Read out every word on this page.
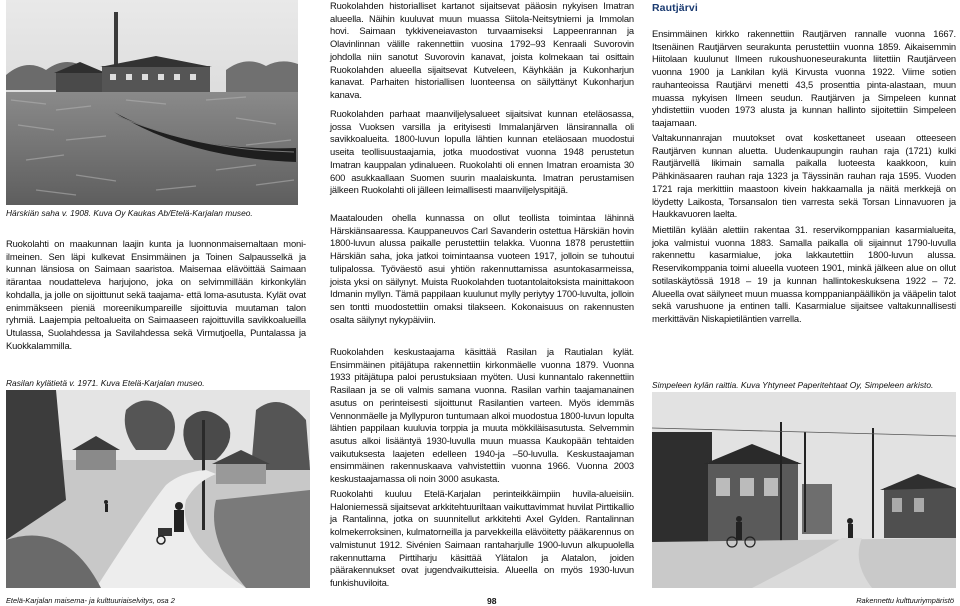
Härskiän saha v. 1908. Kuva Oy Kaukas Ab/Etelä-Karjalan museo.

Ruokolahti on maakunnan laajin kunta ja luonnonmaisemaltaan moni-ilmeinen. Sen läpi kulkevat Ensimmäinen ja Toinen Salpausselkä ja kunnan länsiosa on Saimaan saaristoa. Maisemaa elävöittää Saimaan itärantaa noudatteleva harjujono, joka on selvimmillään kirkonkylän kohdalla, ja jolle on sijoittunut sekä taajama- että loma-asutusta. Kylät ovat enimmäkseen pieniä moreenikumpareille sijoittuvia muutaman talon ryhmiä. Laajempia peltoalueita on Saimaaseen rajoittuvilla savikkoalueilla Utulassa, Suolahdessa ja Savilahdessa sekä Virmutjoella, Puntalassa ja Kuokkalammilla.

Rasilan kylätietä v. 1971. Kuva Etelä-Karjalan museo.

Ruokolahden historialliset kartanot sijaitsevat pääosin nykyisen Imatran alueella. Näihin kuuluvat muun muassa Siitola-Neitsytniemi ja Immolan hovi. Saimaan tykkiveneiavaston turvaamiseksi Lappeenrannan ja Olavinlinnan välille rakennettiin vuosina 1792–93 Kenraali Suvorovin johdolla niin sanotut Suvorovin kanavat, joista kolmekaan tai osittain Ruokolahden alueella sijaitsevat Kutveleen, Käyhkään ja Kukonharjun kanavat. Parhaiten historiallisen luonteensa on säilyttänyt Kukonharjun kanava.

Ruokolahden parhaat maanviljelysalueet sijaitsivat kunnan eteläosassa, jossa Vuoksen varsilla ja erityisesti Immalanjärven länsirannalla oli savikkoalueita. 1800-luvun lopulla lähtien kunnan eteläosaan muodostui useita teollisuustaajamia, jotka muodostivat vuonna 1948 perustetun Imatran kauppalan ydinalueen. Ruokolahti oli ennen Imatran eroamista 30 600 asukkaallaan Suomen suurin maalaiskunta. Imatran perustamisen jälkeen Ruokolahti oli jälleen leimallisesti maanviljelyspitäjä.

Maatalouden ohella kunnassa on ollut teollista toimintaa lähinnä Härskiänsaaressa. Kauppaneuvos Carl Savanderin ostettua Härskiän hovin 1800-luvun alussa paikalle perustettiin telakka. Vuonna 1878 perustettiin Härskiän saha, joka jatkoi toimintaansa vuoteen 1917, jolloin se tuhoutui tulipalossa. Työväestö asui yhtiön rakennuttamissa asuntokasarmeissa, joista yksi on säilynyt. Muista Ruokolahden tuotantolaitoksista mainittakoon Idmanin myllyn. Tämä pappilaan kuulunut mylly periytyy 1700-luvulta, jolloin sen tontti muodostettiin omaksi tilakseen. Kokonaisuus on rakennusten osalta säilynyt nykypäiviin.

Ruokolahden keskustaajama käsittää Rasilan ja Rautialan kylät. Ensimmäinen pitäjätupa rakennettiin kirkonmäelle vuonna 1879. Vuonna 1933 pitäjätupa paloi perustuksiaan myöten. Uusi kunnantalo rakennettiin Rasilaan ja se oli valmis samana vuonna. Rasilan varhin taajamanainen asutus on perinteisesti sijoittunut Rasilantien varteen. Myös idemmäs Vennonmäelle ja Myllypuron tuntumaan alkoi muodostua 1800-luvun lopulta lähtien pappilaan kuuluvia torppia ja muuta mökkiläisasutusta. Selvemmin asutus alkoi lisääntyä 1930-luvulla muun muassa Kaukopään tehtaiden vaikutuksesta laajeten edelleen 1940-ja –50-luvulla. Keskustaajaman ensimmäinen rakennuskaava vahvistettiin vuonna 1966. Vuonna 2003 keskustaajamassa oli noin 3000 asukasta.

Ruokolahti kuuluu Etelä-Karjalan perinteikkäimpiin huvila-alueisiin. Haloniemessä sijaitsevat arkkitehtuuriltaan vaikuttavimmat huvilat Pirttikallio ja Rantalinna, jotka on suunnitellut arkkitehti Axel Gylden. Rantalinnan kolmekerroksinen, kulmatorneilla ja parvekkeilla elävöitetty pääkarennus on valmistunut 1912. Sivénien Saimaan rantaharjulle 1900-luvun alkupuolella rakennuttama Pirttiharju käsittää Ylätalon ja Alatalon, joiden päärakennukset ovat jugendvaikutteisia. Alueella on myös 1930-luvun funkishuviloita.

Rautjärvi

Ensimmäinen kirkko rakennettiin Rautjärven rannalle vuonna 1667. Itsenäinen Rautjärven seurakunta perustettiin vuonna 1859. Aikaisemmin Hiitolaan kuulunut Ilmeen rukoushuoneseurakunta liitettiin Rautjärveen vuonna 1900 ja Lankilan kylä Kirvusta vuonna 1922. Viime sotien rauhanteoissa Rautjärvi menetti 43,5 prosenttia pinta-alastaan, muun muassa nykyisen Ilmeen seudun. Rautjärven ja Simpeleen kunnat yhdistettiin vuoden 1973 alusta ja kunnan hallinto sijoitettiin Simpeleen taajamaan.

Valtakunnanrajan muutokset ovat koskettaneet useaan otteeseen Rautjärven kunnan aluetta. Uudenkaupungin rauhan raja (1721) kulki Rautjärvellä likimain samalla paikalla luoteesta kaakkoon, kuin Pähkinäsaaren rauhan raja 1323 ja Täyssinän rauhan raja 1595. Vuoden 1721 raja merkittiin maastoon kivein hakkaamalla ja näitä merkkejä on löydetty Laikosta, Torsansalon tien varresta sekä Torsan Linnavuoren ja Haukkavuoren laelta.

Miettilän kylään alettiin rakentaa 31. reservikomppanian kasarmialueita, joka valmistui vuonna 1883. Samalla paikalla oli sijainnut 1790-luvulla rakennettu kasarmialue, joka lakkautettiin 1800-luvun alussa. Reservikomppania toimi alueella vuoteen 1901, minkä jälkeen alue on ollut sotilaskäytössä 1918 – 19 ja kunnan hallintokeskuksena 1922 – 72. Alueella ovat säilyneet muun muassa komppanianpäällikön ja vääpelin talot sekä varushuone ja entinen talli. Kasarmialue sijaitsee valtakunnallisesti merkittävän Niskapietiläntien varrella.

Simpeleen kylän raittia. Kuva Yhtyneet Paperitehtaat Oy, Simpeleen arkisto.
Etelä-Karjalan maisema- ja kulttuuriaiselvitys, osa 2	98	Rakennettu kulttuuriympäristö
